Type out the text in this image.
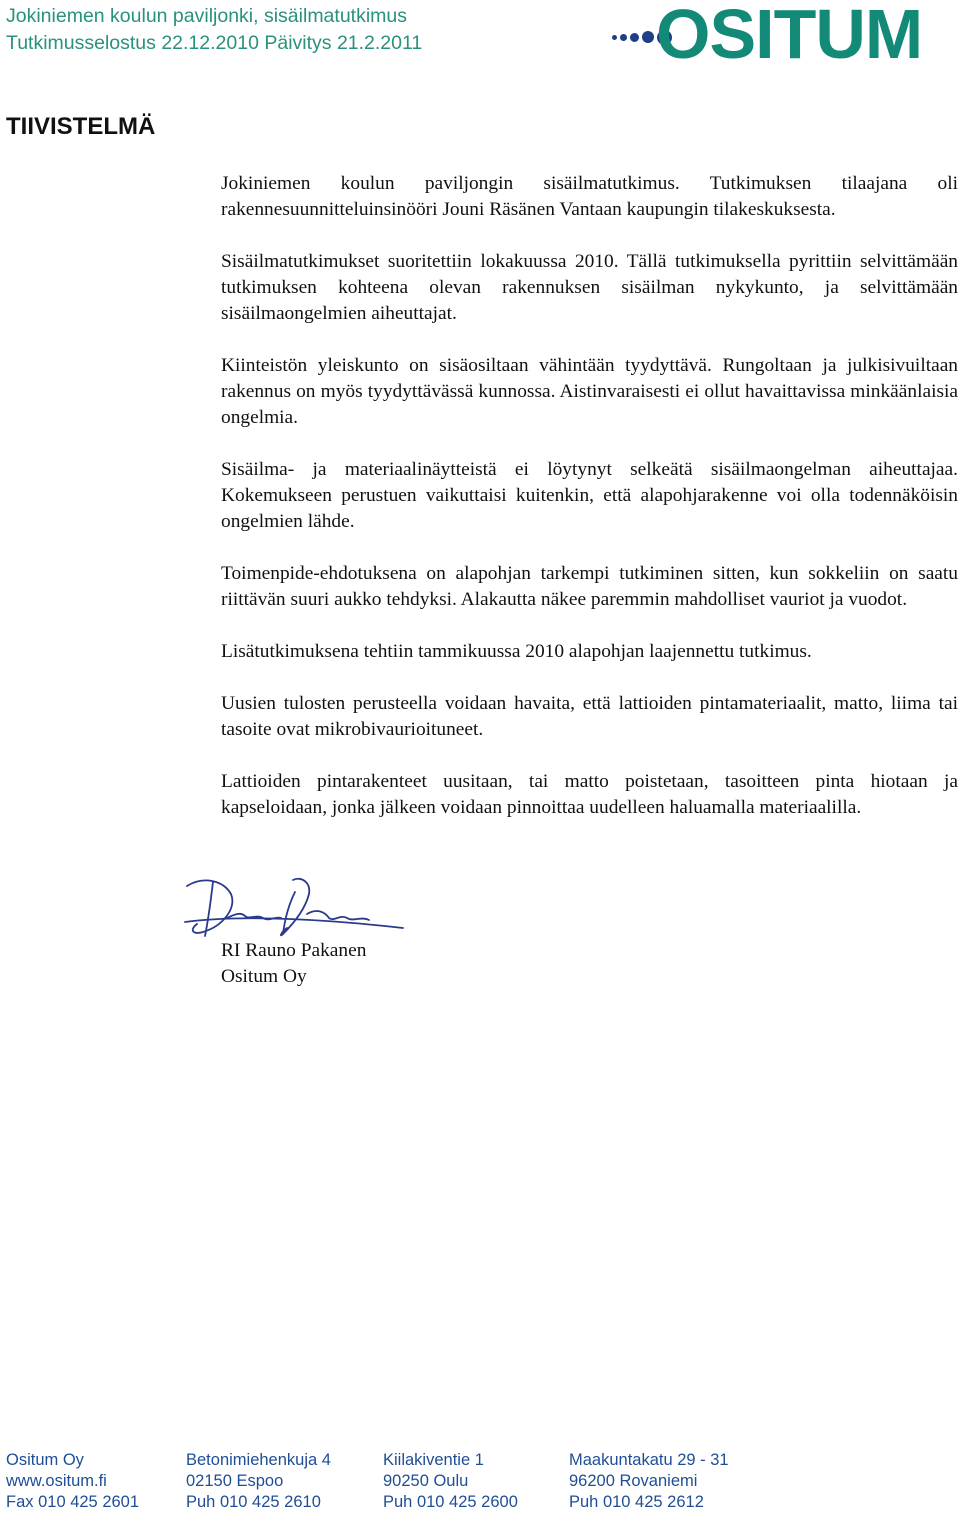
Jokiniemen koulun paviljonki, sisäilmatutkimus
Tutkimusselostus 22.12.2010 Päivitys 21.2.2011	OSITUM
TIIVISTELMÄ

Jokiniemen koulun paviljongin sisäilmatutkimus. Tutkimuksen tilaajana oli rakennesuunnitteluinsinööri Jouni Räsänen Vantaan kaupungin tilakeskuksesta.

Sisäilmatutkimukset suoritettiin lokakuussa 2010. Tällä tutkimuksella pyrittiin selvittämään tutkimuksen kohteena olevan rakennuksen sisäilman nykykunto, ja selvittämään sisäilmaongelmien aiheuttajat.

Kiinteistön yleiskunto on sisäosiltaan vähintään tyydyttävä. Rungoltaan ja julkisivuiltaan rakennus on myös tyydyttävässä kunnossa. Aistinvaraisesti ei ollut havaittavissa minkäänlaisia ongelmia.

Sisäilma- ja materiaalinäytteistä ei löytynyt selkeätä sisäilmaongelman aiheuttajaa. Kokemukseen perustuen vaikuttaisi kuitenkin, että alapohjarakenne voi olla todennäköisin ongelmien lähde.

Toimenpide-ehdotuksena on alapohjan tarkempi tutkiminen sitten, kun sokkeliin on saatu riittävän suuri aukko tehdyksi. Alakautta näkee paremmin mahdolliset vauriot ja vuodot.

Lisätutkimuksena tehtiin tammikuussa 2010 alapohjan laajennettu tutkimus.

Uusien tulosten perusteella voidaan havaita, että lattioiden pintamateriaalit, matto, liima tai tasoite ovat mikrobivaurioituneet.

Lattioiden pintarakenteet uusitaan, tai matto poistetaan, tasoitteen pinta hiotaan ja kapseloidaan, jonka jälkeen voidaan pinnoittaa uudelleen haluamalla materiaalilla.

RI Rauno Pakanen
Ositum Oy
Ositum Oy
www.ositum.fi
Fax 010 425 2601
Betonimiehenkuja 4
02150 Espoo
Puh 010 425 2610
Kiilakiventie 1
90250 Oulu
Puh 010 425 2600
Maakuntakatu 29 - 31
96200 Rovaniemi
Puh 010 425 2612
